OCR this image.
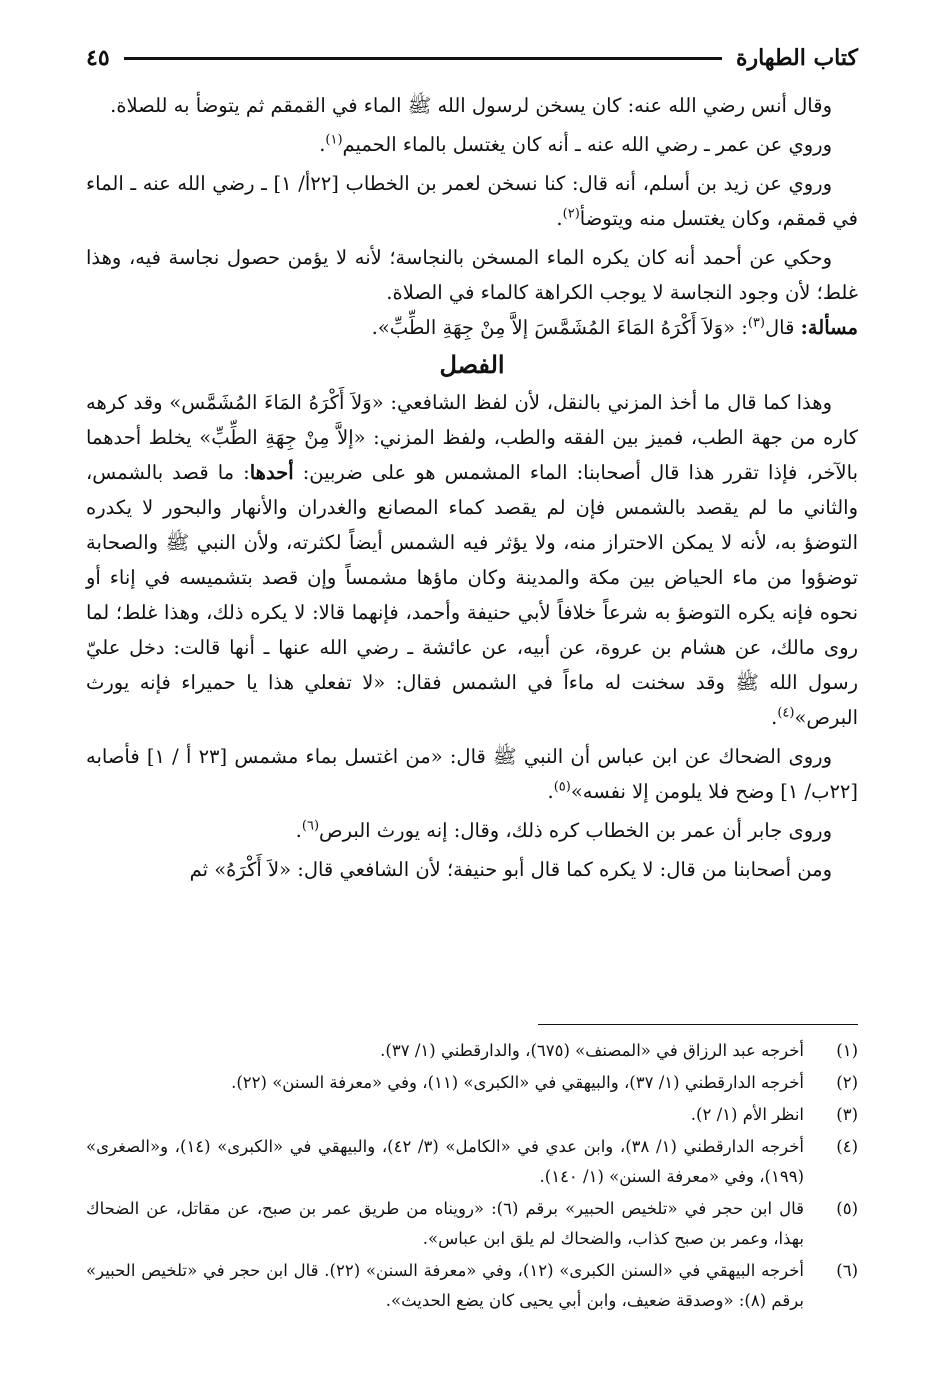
كتاب الطهارة
٤٥

وقال أنس رضي الله عنه: كان يسخن لرسول الله ﷺ الماء في القمقم ثم يتوضأ به للصلاة.

وروي عن عمر ـ رضي الله عنه ـ أنه كان يغتسل بالماء الحميم$^{(١)}$.

وروي عن زيد بن أسلم، أنه قال: كنا نسخن لعمر بن الخطاب [٢٢أ/ ١] ـ رضي الله عنه ـ الماء في قمقم، وكان يغتسل منه ويتوضأ$^{(٢)}$.

وحكي عن أحمد أنه كان يكره الماء المسخن بالنجاسة؛ لأنه لا يؤمن حصول نجاسة فيه، وهذا غلط؛ لأن وجود النجاسة لا يوجب الكراهة كالماء في الصلاة.

مسألة: قال$^{(٣)}$: «وَلاَ أَكْرَهُ المَاءَ المُشَمَّسَ إلاَّ مِنْ جِهَةِ الطِّبِّ».

الفصل

وهذا كما قال ما أخذ المزني بالنقل، لأن لفظ الشافعي: «وَلاَ أَكْرَهُ المَاءَ المُشَمَّس» وقد كرهه كاره من جهة الطب، فميز بين الفقه والطب، ولفظ المزني: «إلاَّ مِنْ جِهَةِ الطِّبِّ» يخلط أحدهما بالآخر، فإذا تقرر هذا قال أصحابنا: الماء المشمس هو على ضربين: أحدها: ما قصد بالشمس، والثاني ما لم يقصد بالشمس فإن لم يقصد كماء المصانع والغدران والأنهار والبحور لا يكدره التوضؤ به، لأنه لا يمكن الاحتراز منه، ولا يؤثر فيه الشمس أيضاً لكثرته، ولأن النبي ﷺ والصحابة توضؤوا من ماء الحياض بين مكة والمدينة وكان ماؤها مشمساً وإن قصد بتشميسه في إناء أو نحوه فإنه يكره التوضؤ به شرعاً خلافاً لأبي حنيفة وأحمد، فإنهما قالا: لا يكره ذلك، وهذا غلط؛ لما روى مالك، عن هشام بن عروة، عن أبيه، عن عائشة ـ رضي الله عنها ـ أنها قالت: دخل عليّ رسول الله ﷺ وقد سخنت له ماءاً في الشمس فقال: «لا تفعلي هذا يا حميراء فإنه يورث البرص»$^{(٤)}$.

وروى الضحاك عن ابن عباس أن النبي ﷺ قال: «من اغتسل بماء مشمس [٢٣ أ / ١] فأصابه [٢٢ب/ ١] وضح فلا يلومن إلا نفسه»$^{(٥)}$.

وروى جابر أن عمر بن الخطاب كره ذلك، وقال: إنه يورث البرص$^{(٦)}$.

ومن أصحابنا من قال: لا يكره كما قال أبو حنيفة؛ لأن الشافعي قال: «لاَ أَكْرَهُ» ثم

(١)
أخرجه عبد الرزاق في «المصنف» (٦٧٥)، والدارقطني (١/ ٣٧).
(٢)
أخرجه الدارقطني (١/ ٣٧)، والبيهقي في «الكبرى» (١١)، وفي «معرفة السنن» (٢٢).
(٣)
انظر الأم (١/ ٢).
(٤)
أخرجه الدارقطني (١/ ٣٨)، وابن عدي في «الكامل» (٣/ ٤٢)، والبيهقي في «الكبرى» (١٤)، و«الصغرى» (١٩٩)، وفي «معرفة السنن» (١/ ١٤٠).
(٥)
قال ابن حجر في «تلخيص الحبير» برقم (٦): «رويناه من طريق عمر بن صبح، عن مقاتل، عن الضحاك بهذا، وعمر بن صبح كذاب، والضحاك لم يلق ابن عباس».
(٦)
أخرجه البيهقي في «السنن الكبرى» (١٢)، وفي «معرفة السنن» (٢٢). قال ابن حجر في «تلخيص الحبير» برقم (٨): «وصدقة ضعيف، وابن أبي يحيى كان يضع الحديث».
